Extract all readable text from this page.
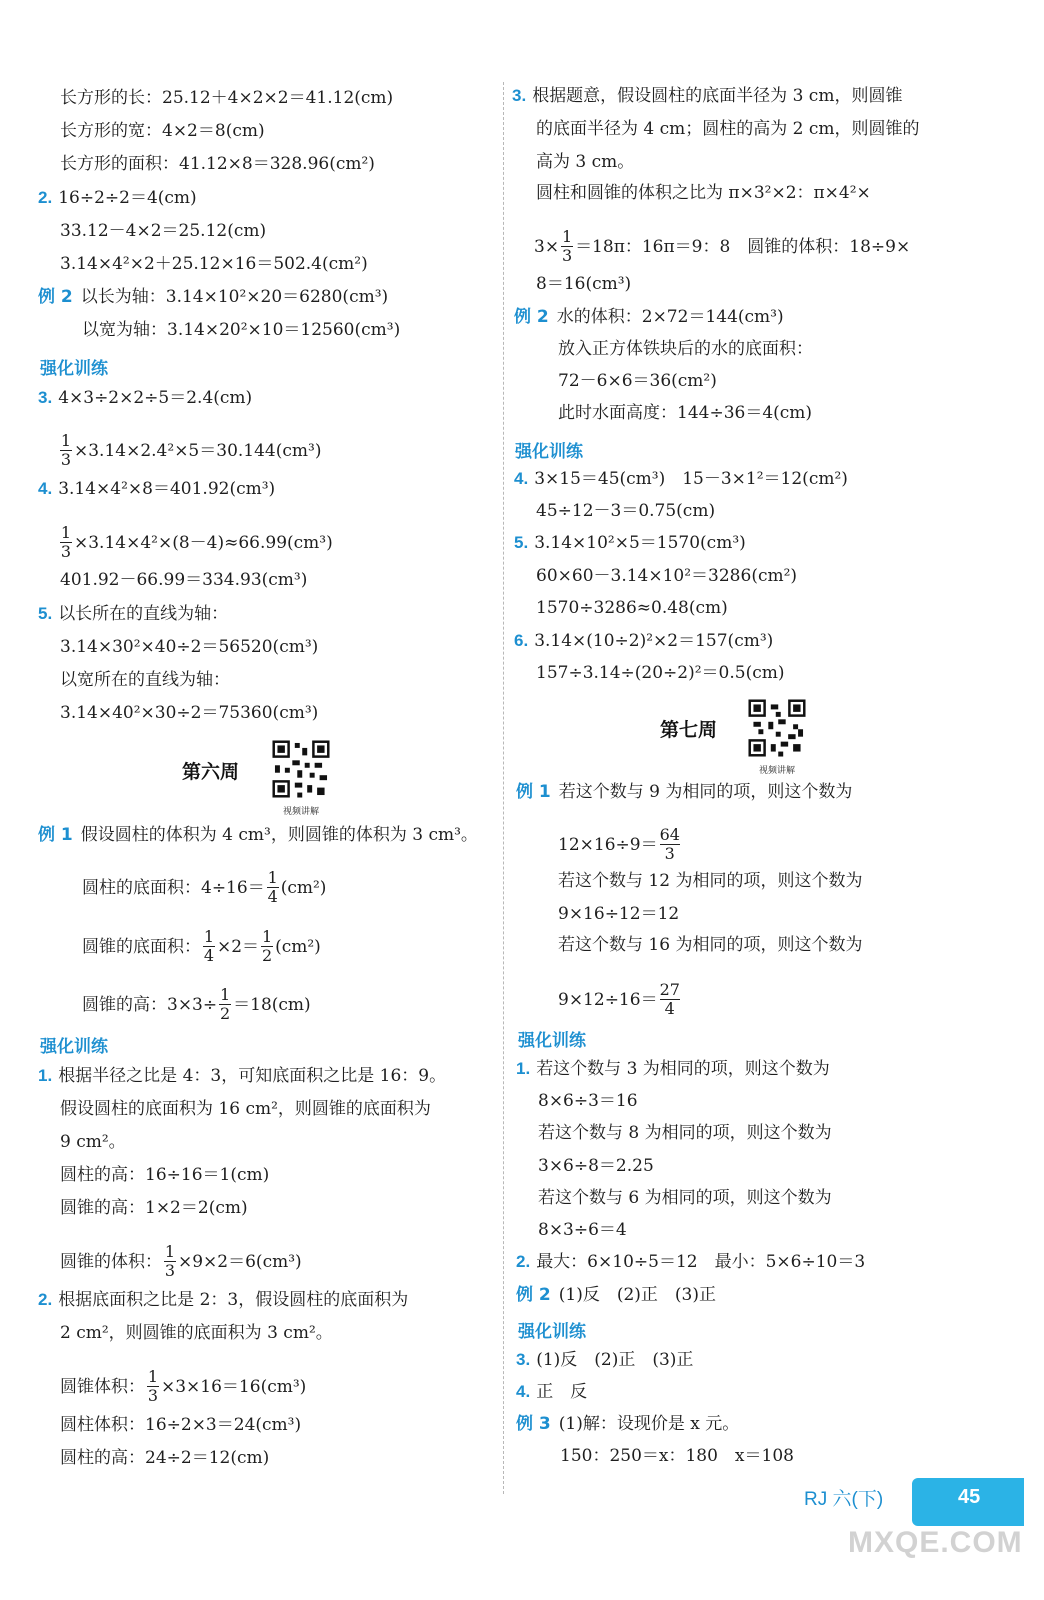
长方形的长：25.12＋4×2×2＝41.12(cm)
长方形的宽：4×2＝8(cm)
长方形的面积：41.12×8＝328.96(cm²)
2. 16÷2÷2＝4(cm)
33.12－4×2＝25.12(cm)
3.14×4²×2＋25.12×16＝502.4(cm²)
例 2 以长为轴：3.14×10²×20＝6280(cm³)
以宽为轴：3.14×20²×10＝12560(cm³)
强化训练
3. 4×3÷2×2÷5＝2.4(cm)
$\frac{1}{3} \times 3.14\times 2.4^2\times 5=30.144(cm^3)$
4. 3.14×4²×8＝401.92(cm³)
$\frac{1}{3} \times 3.14\times 4^2\times(8-4)\approx 66.99(cm^3)$
401.92－66.99＝334.93(cm³)
5. 以长所在的直线为轴：
3.14×30²×40÷2＝56520(cm³)
以宽所在的直线为轴：
3.14×40²×30÷2＝75360(cm³)
第六周
视频讲解
例 1 假设圆柱的体积为 4 cm³，则圆锥的体积为 3 cm³。
圆柱的底面积：$4\div 16= \frac{1}{4} (cm^2)$
圆锥的底面积： $\frac{1}{4} \times 2= \frac{1}{2} (cm^2)$
圆锥的高：$3\times 3\div \frac{1}{2} =18(cm)$
强化训练
1. 根据半径之比是 4：3，可知底面积之比是 16：9。
假设圆柱的底面积为 16 cm²，则圆锥的底面积为
9 cm²。
圆柱的高：16÷16＝1(cm)
圆锥的高：1×2＝2(cm)
圆锥的体积： $\frac{1}{3} \times 9\times 2=6(cm^3)$
2. 根据底面积之比是 2：3，假设圆柱的底面积为
2 cm²，则圆锥的底面积为 3 cm²。
圆锥体积： $\frac{1}{3} \times 3\times 16=16(cm^3)$
圆柱体积：16÷2×3＝24(cm³)
圆柱的高：24÷2＝12(cm)
3. 根据题意，假设圆柱的底面半径为 3 cm，则圆锥
的底面半径为 4 cm；圆柱的高为 2 cm，则圆锥的
高为 3 cm。
圆柱和圆锥的体积之比为 π×3²×2：π×4²×
$3\times \frac{1}{3} =18\pi$：16π＝9：8　圆锥的体积：18÷9×
8＝16(cm³)
例 2 水的体积：2×72＝144(cm³)
放入正方体铁块后的水的底面积：
72－6×6＝36(cm²)
此时水面高度：144÷36＝4(cm)
强化训练
4. 3×15＝45(cm³)　15－3×1²＝12(cm²)
45÷12－3＝0.75(cm)
5. 3.14×10²×5＝1570(cm³)
60×60－3.14×10²＝3286(cm²)
1570÷3286≈0.48(cm)
6. 3.14×(10÷2)²×2＝157(cm³)
157÷3.14÷(20÷2)²＝0.5(cm)
第七周
视频讲解
例 1 若这个数与 9 为相同的项，则这个数为
$12\times 16\div 9= \frac{64}{3}$
若这个数与 12 为相同的项，则这个数为
9×16÷12＝12
若这个数与 16 为相同的项，则这个数为
$9\times 12\div 16= \frac{27}{4}$
强化训练
1. 若这个数与 3 为相同的项，则这个数为
8×6÷3＝16
若这个数与 8 为相同的项，则这个数为
3×6÷8＝2.25
若这个数与 6 为相同的项，则这个数为
8×3÷6＝4
2. 最大：6×10÷5＝12　最小：5×6÷10＝3
例 2 (1)反　(2)正　(3)正
强化训练
3. (1)反　(2)正　(3)正
4. 正　反
例 3 (1)解：设现价是 x 元。
150：250＝x：180　x＝108
RJ 六(下)	45
MXQE.COM
